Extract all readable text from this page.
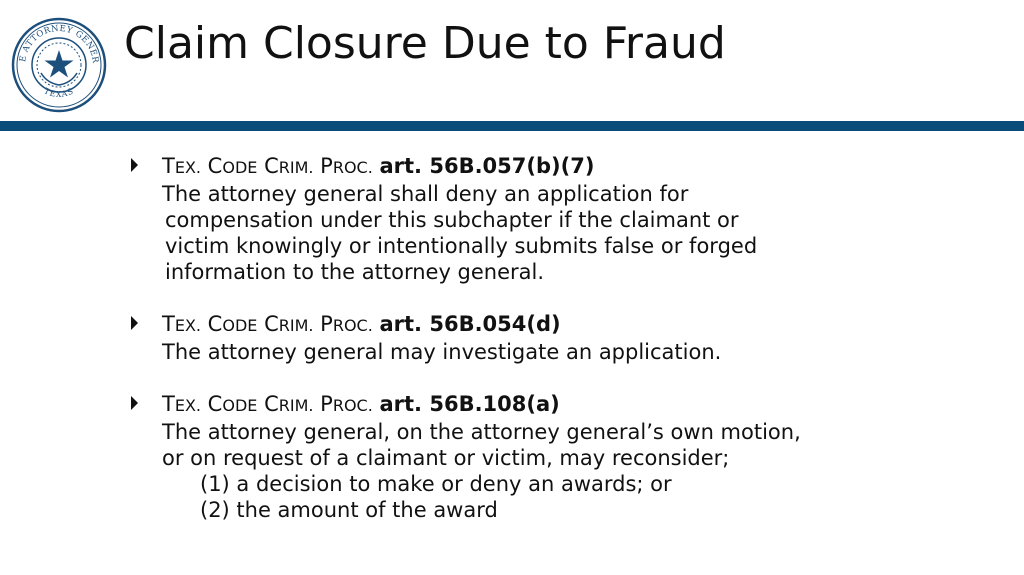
E ATTORNEY GENER
TEXAS
Claim Closure Due to Fraud
TEX. CODE CRIM. PROC. art. 56B.057(b)(7)
The attorney general shall deny an application for
compensation under this subchapter if the claimant or
victim knowingly or intentionally submits false or forged
information to the attorney general.
TEX. CODE CRIM. PROC. art. 56B.054(d)
The attorney general may investigate an application.
TEX. CODE CRIM. PROC. art. 56B.108(a)
The attorney general, on the attorney general’s own motion,
or on request of a claimant or victim, may reconsider;
(1) a decision to make or deny an awards; or
(2) the amount of the award
